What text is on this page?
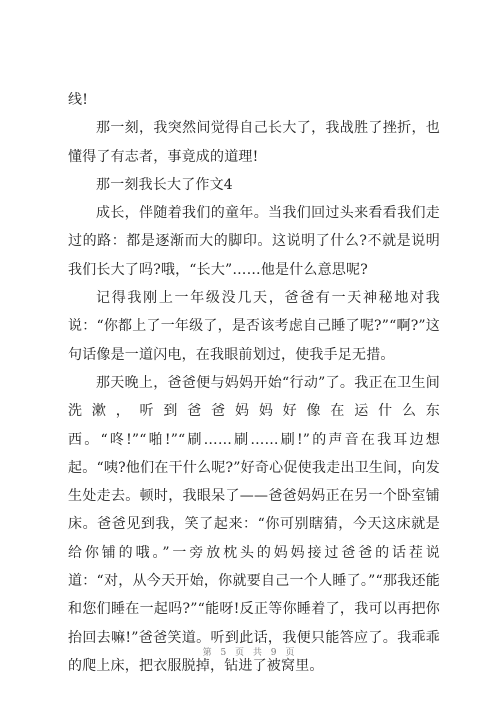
线!

那一刻，我突然间觉得自己长大了，我战胜了挫折，也懂得了有志者，事竟成的道理!

那一刻我长大了作文4

成长，伴随着我们的童年。当我们回过头来看看我们走过的路：都是逐渐而大的脚印。这说明了什么?不就是说明我们长大了吗?哦，“长大”……他是什么意思呢?

记得我刚上一年级没几天，爸爸有一天神秘地对我说：“你都上了一年级了，是否该考虑自己睡了呢?”“啊?”这句话像是一道闪电，在我眼前划过，使我手足无措。

那天晚上，爸爸便与妈妈开始“行动”了。我正在卫生间洗漱，听到爸爸妈妈好像在运什么东西。“咚!”“啪!”“刷……刷……刷!”的声音在我耳边想起。“咦?他们在干什么呢?”好奇心促使我走出卫生间，向发生处走去。顿时，我眼呆了——爸爸妈妈正在另一个卧室铺床。爸爸见到我，笑了起来：“你可别瞎猜，今天这床就是给你铺的哦。”一旁放枕头的妈妈接过爸爸的话茬说道：“对，从今天开始，你就要自己一个人睡了。”“那我还能和您们睡在一起吗?”“能呀!反正等你睡着了，我可以再把你抬回去嘛!”爸爸笑道。听到此话，我便只能答应了。我乖乖的爬上床，把衣服脱掉，钻进了被窝里。

第 5 页 共 9 页
